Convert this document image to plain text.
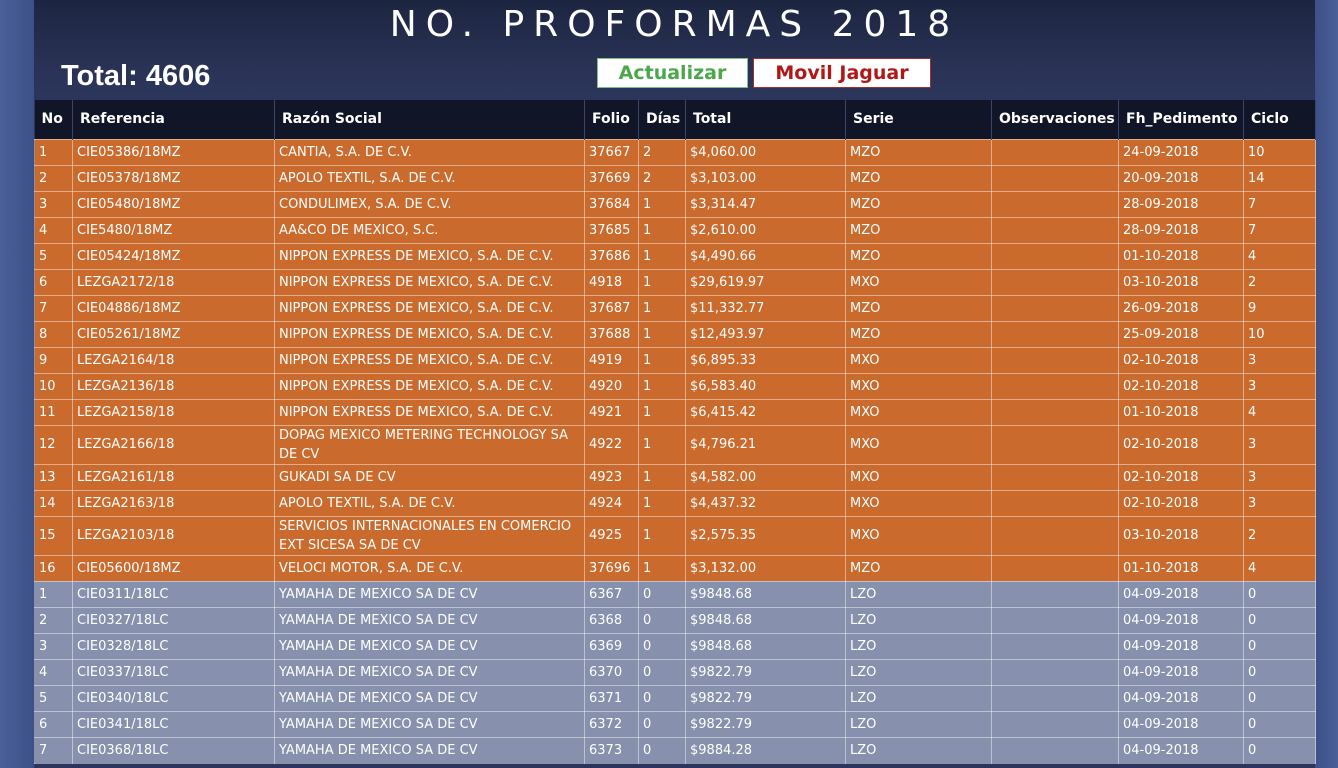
NO. PROFORMAS 2018
Total: 4606	Actualizar	Movil Jaguar
No	Referencia	Razón Social	Folio	Días	Total	Serie	Observaciones	Fh_Pedimento	Ciclo
1	CIE05386/18MZ	CANTIA, S.A. DE C.V.	37667	2	$4,060.00	MZO		24-09-2018	10
2	CIE05378/18MZ	APOLO TEXTIL, S.A. DE C.V.	37669	2	$3,103.00	MZO		20-09-2018	14
3	CIE05480/18MZ	CONDULIMEX, S.A. DE C.V.	37684	1	$3,314.47	MZO		28-09-2018	7
4	CIE5480/18MZ	AA&CO DE MEXICO, S.C.	37685	1	$2,610.00	MZO		28-09-2018	7
5	CIE05424/18MZ	NIPPON EXPRESS DE MEXICO, S.A. DE C.V.	37686	1	$4,490.66	MZO		01-10-2018	4
6	LEZGA2172/18	NIPPON EXPRESS DE MEXICO, S.A. DE C.V.	4918	1	$29,619.97	MXO		03-10-2018	2
7	CIE04886/18MZ	NIPPON EXPRESS DE MEXICO, S.A. DE C.V.	37687	1	$11,332.77	MZO		26-09-2018	9
8	CIE05261/18MZ	NIPPON EXPRESS DE MEXICO, S.A. DE C.V.	37688	1	$12,493.97	MZO		25-09-2018	10
9	LEZGA2164/18	NIPPON EXPRESS DE MEXICO, S.A. DE C.V.	4919	1	$6,895.33	MXO		02-10-2018	3
10	LEZGA2136/18	NIPPON EXPRESS DE MEXICO, S.A. DE C.V.	4920	1	$6,583.40	MXO		02-10-2018	3
11	LEZGA2158/18	NIPPON EXPRESS DE MEXICO, S.A. DE C.V.	4921	1	$6,415.42	MXO		01-10-2018	4
12	LEZGA2166/18	DOPAG MEXICO METERING TECHNOLOGY SA DE CV	4922	1	$4,796.21	MXO		02-10-2018	3
13	LEZGA2161/18	GUKADI SA DE CV	4923	1	$4,582.00	MXO		02-10-2018	3
14	LEZGA2163/18	APOLO TEXTIL, S.A. DE C.V.	4924	1	$4,437.32	MXO		02-10-2018	3
15	LEZGA2103/18	SERVICIOS INTERNACIONALES EN COMERCIO EXT SICESA SA DE CV	4925	1	$2,575.35	MXO		03-10-2018	2
16	CIE05600/18MZ	VELOCI MOTOR, S.A. DE C.V.	37696	1	$3,132.00	MZO		01-10-2018	4
1	CIE0311/18LC	YAMAHA DE MEXICO SA DE CV	6367	0	$9848.68	LZO		04-09-2018	0
2	CIE0327/18LC	YAMAHA DE MEXICO SA DE CV	6368	0	$9848.68	LZO		04-09-2018	0
3	CIE0328/18LC	YAMAHA DE MEXICO SA DE CV	6369	0	$9848.68	LZO		04-09-2018	0
4	CIE0337/18LC	YAMAHA DE MEXICO SA DE CV	6370	0	$9822.79	LZO		04-09-2018	0
5	CIE0340/18LC	YAMAHA DE MEXICO SA DE CV	6371	0	$9822.79	LZO		04-09-2018	0
6	CIE0341/18LC	YAMAHA DE MEXICO SA DE CV	6372	0	$9822.79	LZO		04-09-2018	0
7	CIE0368/18LC	YAMAHA DE MEXICO SA DE CV	6373	0	$9884.28	LZO		04-09-2018	0
